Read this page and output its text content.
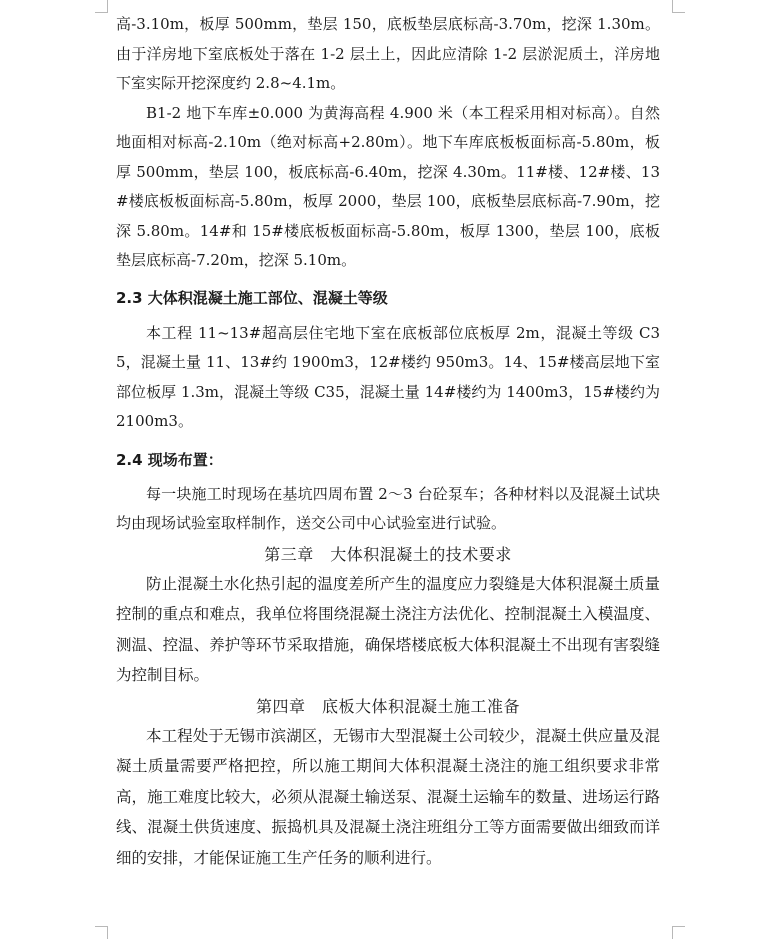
高-3.10m，板厚 500mm，垫层 150，底板垫层底标高-3.70m，挖深 1.30m。由于洋房地下室底板处于落在 1-2 层土上，因此应清除 1-2 层淤泥质土，洋房地下室实际开挖深度约 2.8~4.1m。

B1-2 地下车库±0.000 为黄海高程 4.900 米（本工程采用相对标高）。自然地面相对标高-2.10m（绝对标高+2.80m）。地下车库底板板面标高-5.80m，板厚 500mm，垫层 100，板底标高-6.40m，挖深 4.30m。11#楼、12#楼、13#楼底板板面标高-5.80m，板厚 2000，垫层 100，底板垫层底标高-7.90m，挖深 5.80m。14#和 15#楼底板板面标高-5.80m，板厚 1300，垫层 100，底板垫层底标高-7.20m，挖深 5.10m。

2.3 大体积混凝土施工部位、混凝土等级

本工程 11~13#超高层住宅地下室在底板部位底板厚 2m，混凝土等级 C35，混凝土量 11、13#约 1900m3，12#楼约 950m3。14、15#楼高层地下室部位板厚 1.3m，混凝土等级 C35，混凝土量 14#楼约为 1400m3，15#楼约为 2100m3。

2.4 现场布置：

每一块施工时现场在基坑四周布置 2～3 台砼泵车；各种材料以及混凝土试块均由现场试验室取样制作，送交公司中心试验室进行试验。

第三章　大体积混凝土的技术要求

防止混凝土水化热引起的温度差所产生的温度应力裂缝是大体积混凝土质量控制的重点和难点，我单位将围绕混凝土浇注方法优化、控制混凝土入模温度、测温、控温、养护等环节采取措施，确保塔楼底板大体积混凝土不出现有害裂缝为控制目标。

第四章　底板大体积混凝土施工准备

本工程处于无锡市滨湖区，无锡市大型混凝土公司较少，混凝土供应量及混凝土质量需要严格把控，所以施工期间大体积混凝土浇注的施工组织要求非常高，施工难度比较大，必须从混凝土输送泵、混凝土运输车的数量、进场运行路线、混凝土供货速度、振捣机具及混凝土浇注班组分工等方面需要做出细致而详细的安排，才能保证施工生产任务的顺利进行。
